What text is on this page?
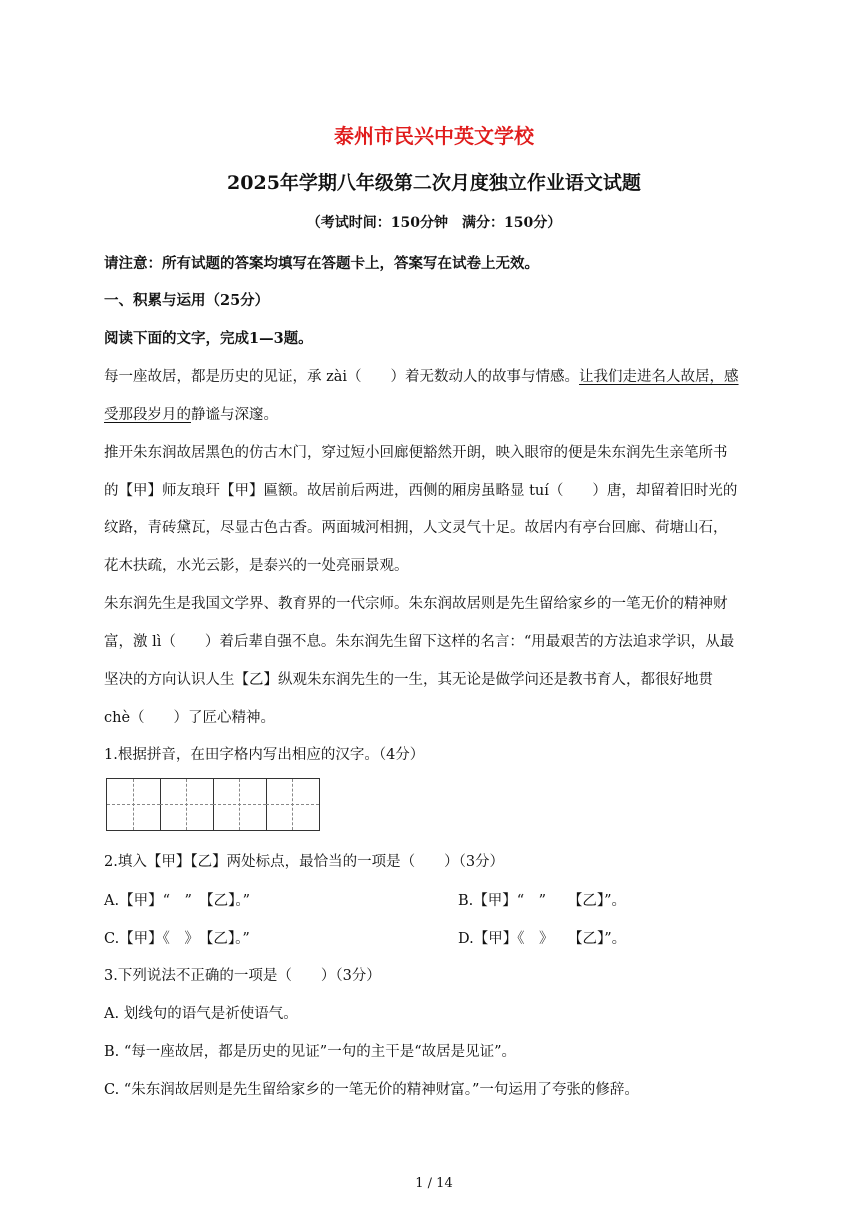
泰州市民兴中英文学校
2025年学期八年级第二次月度独立作业语文试题
（考试时间：150分钟　满分：150分）
请注意：所有试题的答案均填写在答题卡上，答案写在试卷上无效。
一、积累与运用（25分）
阅读下面的文字，完成1—3题。
每一座故居，都是历史的见证，承 zài（　　）着无数动人的故事与情感。让我们走进名人故居，感
受那段岁月的静谧与深邃。
推开朱东润故居黑色的仿古木门，穿过短小回廊便豁然开朗，映入眼帘的便是朱东润先生亲笔所书
的【甲】师友琅玕【甲】匾额。故居前后两进，西侧的厢房虽略显 tuí（　　）唐，却留着旧时光的
纹路，青砖黛瓦，尽显古色古香。两面城河相拥，人文灵气十足。故居内有亭台回廊、荷塘山石，
花木扶疏，水光云影，是泰兴的一处亮丽景观。
朱东润先生是我国文学界、教育界的一代宗师。朱东润故居则是先生留给家乡的一笔无价的精神财
富，激 lì（　　）着后辈自强不息。朱东润先生留下这样的名言：“用最艰苦的方法追求学识，从最
坚决的方向认识人生【乙】纵观朱东润先生的一生，其无论是做学问还是教书育人，都很好地贯
chè（　　）了匠心精神。
1.根据拼音，在田字格内写出相应的汉字。（4分）
2.填入【甲】【乙】两处标点，最恰当的一项是（　　）（3分）
A.【甲】“　”　【乙】。”	B.【甲】“　”　　【乙】”。
C.【甲】《　》　【乙】。”	D.【甲】《　》　　【乙】”。
3.下列说法不正确的一项是（　　）（3分）
A. 划线句的语气是祈使语气。
B. “每一座故居，都是历史的见证”一句的主干是“故居是见证”。
C. “朱东润故居则是先生留给家乡的一笔无价的精神财富。”一句运用了夸张的修辞。
1 / 14
